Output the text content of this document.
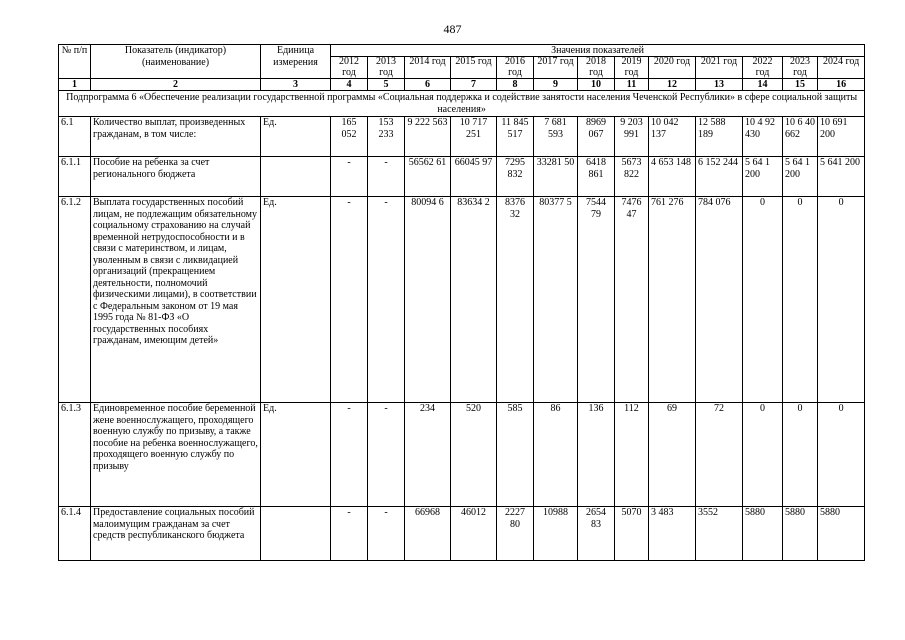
487
№ п/п	Показатель (индикатор) (наименование)	Единица измерения	Значения показателей												
			2012 год	2013 год	2014 год	2015 год	2016 год	2017 год	2018 год	2019 год	2020 год	2021 год	2022 год	2023 год	2024 год
1	2	3	4	5	6	7	8	9	10	11	12	13	14	15	16
Подпрограмма 6 «Обеспечение реализации государственной программы «Социальная поддержка и содействие занятости населения Чеченской Республики» в сфере социальной защиты населения»															
6.1	Количество выплат, произведенных гражданам, в том числе:	Ед.	165 052	153 233	9 222 563	10 717 251	11 845 517	7 681 593	8969 067	9 203 991	10 042 137	12 588 189	10 4 92 430	10 6 40 662	10 691 200
6.1.1	Пособие на ребенка за счет регионального бюджета		-	-	56562 61	66045 97	7295 832	33281 50	6418 861	5673 822	4 653 148	6 152 244	5 64 1 200	5 64 1 200	5 641 200
6.1.2	Выплата государственных пособий лицам, не подлежащим обязательному социальному страхованию на случай временной нетрудоспособности и в связи с материнством, и лицам, уволенным в связи с ликвидацией организаций (прекращением деятельности, полномочий физическими лицами), в соответствии с Федеральным законом от 19 мая 1995 года № 81-ФЗ «О государственных пособиях гражданам, имеющим детей»	Ед.	-	-	80094 6	83634 2	8376 32	80377 5	7544 79	7476 47	761 276	784 076	0	0	0
6.1.3	Единовременное пособие беременной жене военнослужащего, проходящего военную службу по призыву, а также пособие на ребенка военнослужащего, проходящего военную службу по призыву	Ед.	-	-	234	520	585	86	136	112	69	72	0	0	0
6.1.4	Предоставление социальных пособий малоимущим гражданам за счет средств республиканского бюджета		-	-	66968	46012	2227 80	10988	2654 83	5070	3 483	3552	5880	5880	5880
